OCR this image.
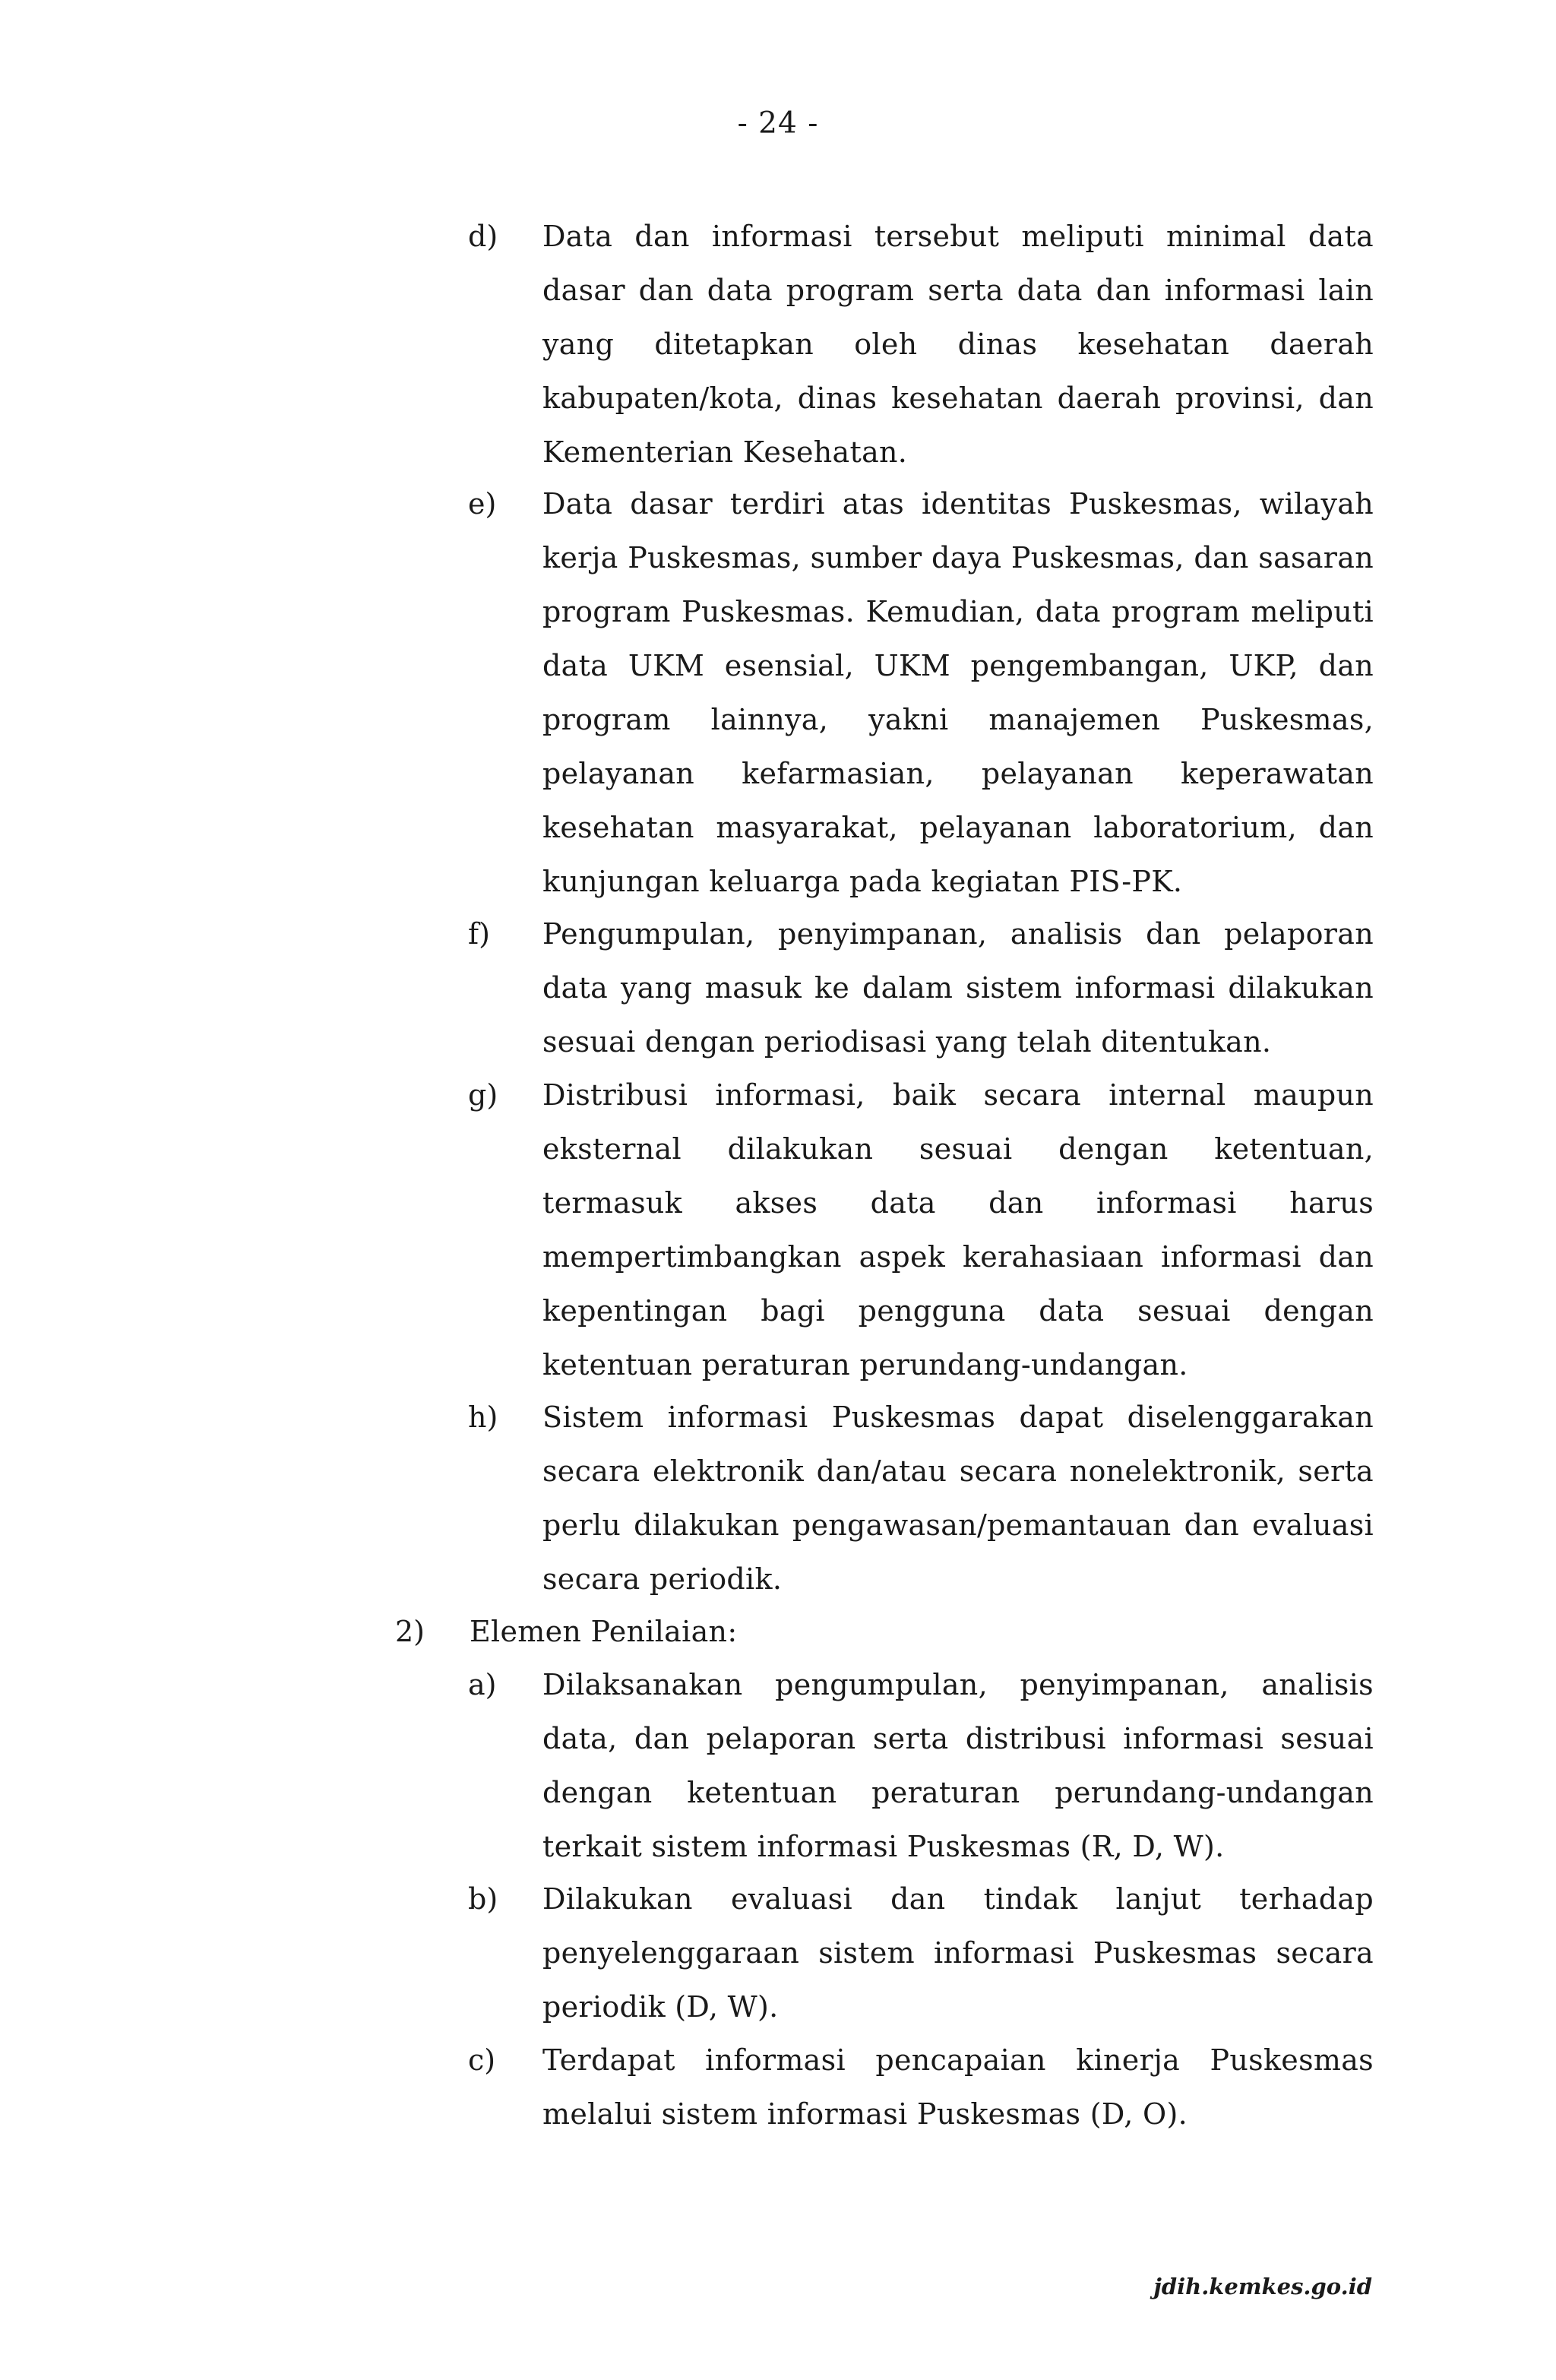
- 24 -
d) Data dan informasi tersebut meliputi minimal data dasar dan data program serta data dan informasi lain yang ditetapkan oleh dinas kesehatan daerah kabupaten/kota, dinas kesehatan daerah provinsi, dan Kementerian Kesehatan.
e) Data dasar terdiri atas identitas Puskesmas, wilayah kerja Puskesmas, sumber daya Puskesmas, dan sasaran program Puskesmas. Kemudian, data program meliputi data UKM esensial, UKM pengembangan, UKP, dan program lainnya, yakni manajemen Puskesmas, pelayanan kefarmasian, pelayanan keperawatan kesehatan masyarakat, pelayanan laboratorium, dan kunjungan keluarga pada kegiatan PIS-PK.
f) Pengumpulan, penyimpanan, analisis dan pelaporan data yang masuk ke dalam sistem informasi dilakukan sesuai dengan periodisasi yang telah ditentukan.
g) Distribusi informasi, baik secara internal maupun eksternal dilakukan sesuai dengan ketentuan, termasuk akses data dan informasi harus mempertimbangkan aspek kerahasiaan informasi dan kepentingan bagi pengguna data sesuai dengan ketentuan peraturan perundang-undangan.
h) Sistem informasi Puskesmas dapat diselenggarakan secara elektronik dan/atau secara nonelektronik, serta perlu dilakukan pengawasan/pemantauan dan evaluasi secara periodik.
2) Elemen Penilaian:
a) Dilaksanakan pengumpulan, penyimpanan, analisis data, dan pelaporan serta distribusi informasi sesuai dengan ketentuan peraturan perundang-undangan terkait sistem informasi Puskesmas (R, D, W).
b) Dilakukan evaluasi dan tindak lanjut terhadap penyelenggaraan sistem informasi Puskesmas secara periodik (D, W).
c) Terdapat informasi pencapaian kinerja Puskesmas melalui sistem informasi Puskesmas (D, O).
jdih.kemkes.go.id
